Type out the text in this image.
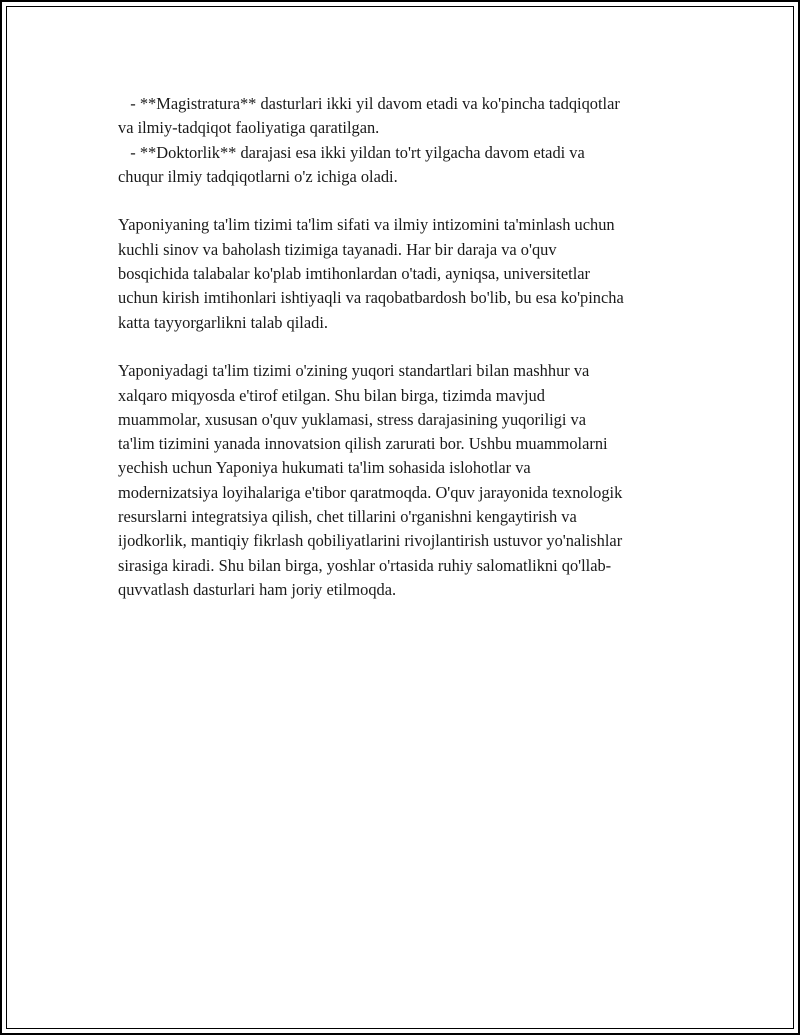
- **Magistratura** dasturlari ikki yil davom etadi va ko'pincha tadqiqotlar
va ilmiy-tadqiqot faoliyatiga qaratilgan.
- **Doktorlik** darajasi esa ikki yildan to'rt yilgacha davom etadi va
chuqur ilmiy tadqiqotlarni o'z ichiga oladi.
Yaponiyaning ta'lim tizimi ta'lim sifati va ilmiy intizomini ta'minlash uchun
kuchli sinov va baholash tizimiga tayanadi. Har bir daraja va o'quv
bosqichida talabalar ko'plab imtihonlardan o'tadi, ayniqsa, universitetlar
uchun kirish imtihonlari ishtiyaqli va raqobatbardosh bo'lib, bu esa ko'pincha
katta tayyorgarlikni talab qiladi.
Yaponiyadagi ta'lim tizimi o'zining yuqori standartlari bilan mashhur va
xalqaro miqyosda e'tirof etilgan. Shu bilan birga, tizimda mavjud
muammolar, xususan o'quv yuklamasi, stress darajasining yuqoriligi va
ta'lim tizimini yanada innovatsion qilish zarurati bor. Ushbu muammolarni
yechish uchun Yaponiya hukumati ta'lim sohasida islohotlar va
modernizatsiya loyihalariga e'tibor qaratmoqda. O'quv jarayonida texnologik
resurslarni integratsiya qilish, chet tillarini o'rganishni kengaytirish va
ijodkorlik, mantiqiy fikrlash qobiliyatlarini rivojlantirish ustuvor yo'nalishlar
sirasiga kiradi. Shu bilan birga, yoshlar o'rtasida ruhiy salomatlikni qo'llab-
quvvatlash dasturlari ham joriy etilmoqda.
